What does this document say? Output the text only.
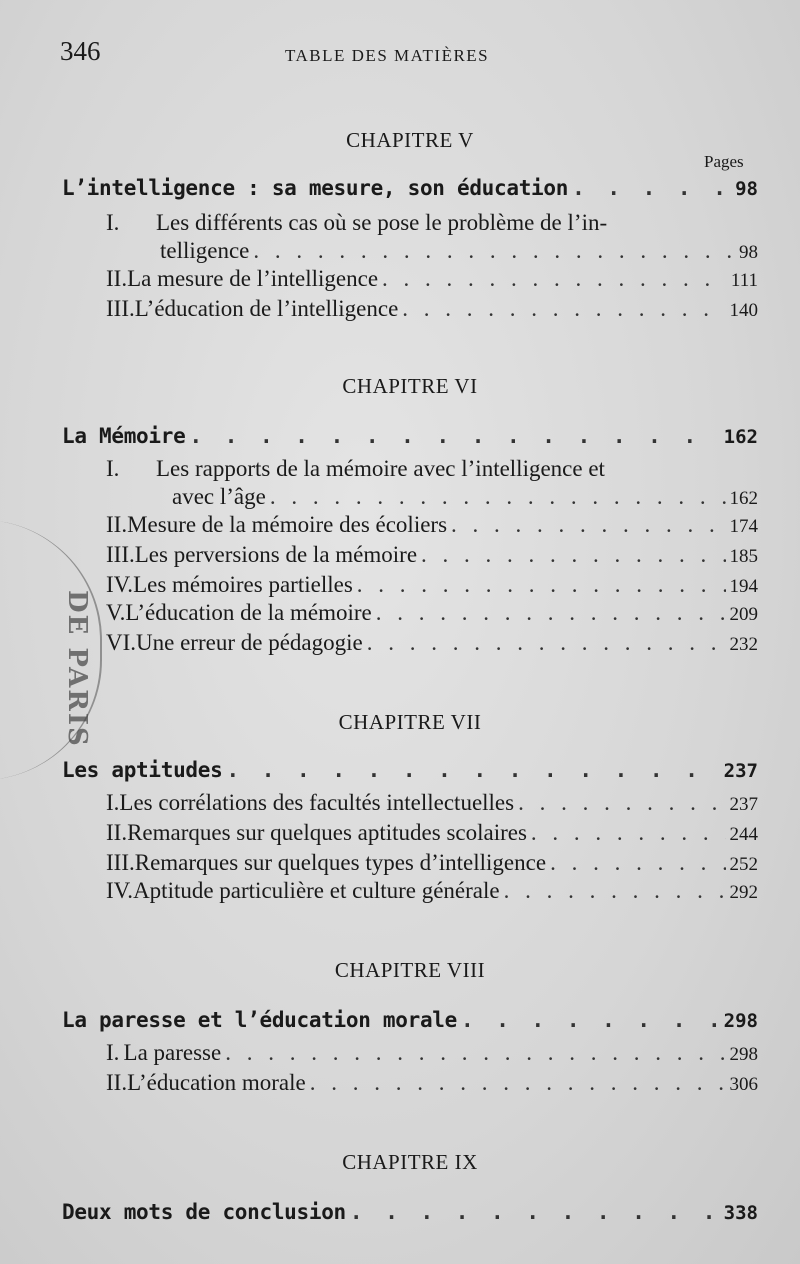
346	TABLE DES MATIÈRES
DE PARIS
CHAPITRE V
Pages
L’intelligence : sa mesure, son éducation . . .	98
I.	Les différents cas où se pose le problème de l’in-
telligence . . .	98
II. La mesure de l’intelligence . . .	111
III. L’éducation de l’intelligence . . .	140
CHAPITRE VI
La Mémoire . . .	162
I.	Les rapports de la mémoire avec l’intelligence et
avec l’âge . . .	162
II. Mesure de la mémoire des écoliers . . .	174
III. Les perversions de la mémoire . . .	185
IV. Les mémoires partielles . . .	194
V. L’éducation de la mémoire . . .	209
VI. Une erreur de pédagogie . . .	232
CHAPITRE VII
Les aptitudes . . .	237
I. Les corrélations des facultés intellectuelles . . .	237
II. Remarques sur quelques aptitudes scolaires . . .	244
III. Remarques sur quelques types d’intelligence . . .	252
IV. Aptitude particulière et culture générale . . .	292
CHAPITRE VIII
La paresse et l’éducation morale . . .	298
I. La paresse . . .	298
II. L’éducation morale . . .	306
CHAPITRE IX
Deux mots de conclusion . . .	338
